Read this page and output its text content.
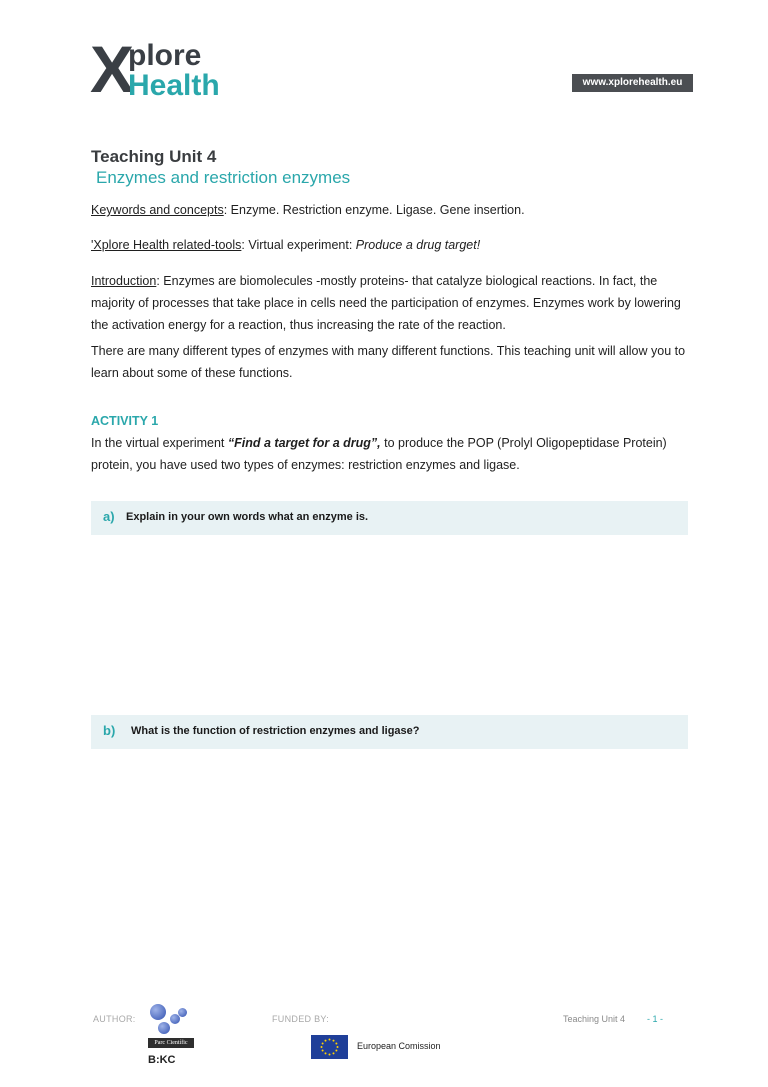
X
plore
Health	www.xplorehealth.eu
Teaching Unit 4
Enzymes and restriction enzymes
Keywords and concepts: Enzyme. Restriction enzyme. Ligase. Gene insertion.
'Xplore Health related-tools: Virtual experiment: Produce a drug target!
Introduction: Enzymes are biomolecules -mostly proteins- that catalyze biological reactions. In fact, the majority of processes that take place in cells need the participation of enzymes. Enzymes work by lowering the activation energy for a reaction, thus increasing the rate of the reaction.
There are many different types of enzymes with many different functions. This teaching unit will allow you to learn about some of these functions.
ACTIVITY 1
In the virtual experiment “Find a target for a drug”, to produce the POP (Prolyl Oligopeptidase Protein) protein, you have used two types of enzymes: restriction enzymes and ligase.
a) Explain in your own words what an enzyme is.
b) What is the function of restriction enzymes and ligase?
AUTHOR:
Parc Científic
B:KC
FUNDED BY:
European Comission
Teaching Unit 4 - 1 -
